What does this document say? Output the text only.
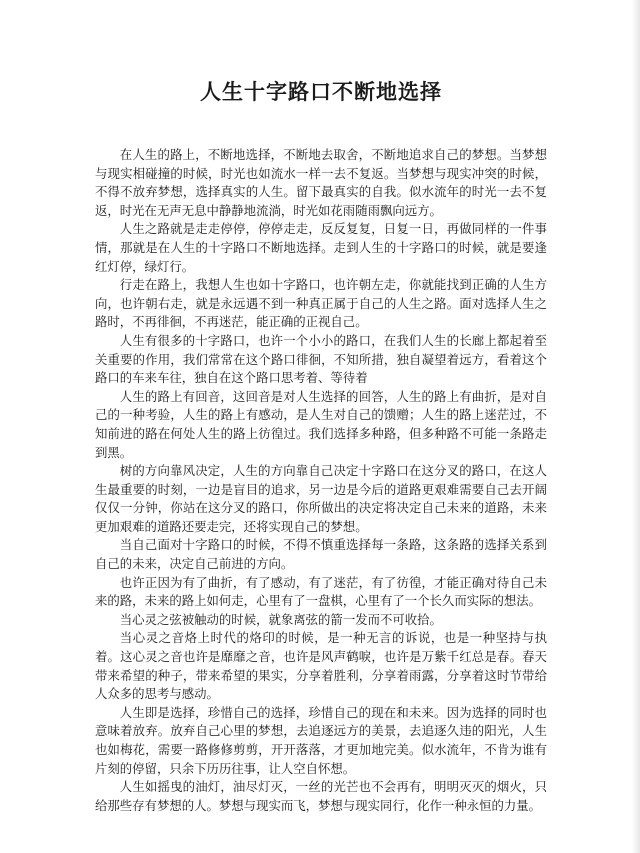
人生十字路口不断地选择

在人生的路上，不断地选择，不断地去取舍，不断地追求自己的梦想。当梦想与现实相碰撞的时候，时光也如流水一样一去不复返。当梦想与现实冲突的时候，不得不放弃梦想，选择真实的人生。留下最真实的自我。似水流年的时光一去不复返，时光在无声无息中静静地流淌，时光如花雨随雨飘向远方。

人生之路就是走走停停，停停走走，反反复复，日复一日，再做同样的一件事情，那就是在人生的十字路口不断地选择。走到人生的十字路口的时候，就是要逢红灯停，绿灯行。

行走在路上，我想人生也如十字路口，也许朝左走，你就能找到正确的人生方向，也许朝右走，就是永远遇不到一种真正属于自己的人生之路。面对选择人生之路时，不再徘徊，不再迷茫，能正确的正视自己。

人生有很多的十字路口，也许一个小小的路口，在我们人生的长廊上都起着至关重要的作用，我们常常在这个路口徘徊，不知所措，独自凝望着远方，看着这个路口的车来车往，独自在这个路口思考着、等待着

人生的路上有回音，这回音是对人生选择的回答，人生的路上有曲折，是对自己的一种考验，人生的路上有感动，是人生对自己的馈赠；人生的路上迷茫过，不知前进的路在何处人生的路上彷徨过。我们选择多种路，但多种路不可能一条路走到黑。

树的方向靠风决定，人生的方向靠自己决定十字路口在这分叉的路口，在这人生最重要的时刻，一边是盲目的追求，另一边是今后的道路更艰难需要自己去开阔仅仅一分钟，你站在这分叉的路口，你所做出的决定将决定自己未来的道路，未来更加艰难的道路还要走完，还将实现自己的梦想。

当自己面对十字路口的时候，不得不慎重选择每一条路，这条路的选择关系到自己的未来，决定自己前进的方向。

也许正因为有了曲折，有了感动，有了迷茫，有了彷徨，才能正确对待自己未来的路，未来的路上如何走，心里有了一盘棋，心里有了一个长久而实际的想法。

当心灵之弦被触动的时候，就象离弦的箭一发而不可收拾。

当心灵之音烙上时代的烙印的时候，是一种无言的诉说，也是一种坚持与执着。这心灵之音也许是靡靡之音，也许是风声鹤唳，也许是万紫千红总是春。春天带来希望的种子，带来希望的果实，分享着胜利，分享着雨露，分享着这时节带给人众多的思考与感动。

人生即是选择，珍惜自己的选择，珍惜自己的现在和未来。因为选择的同时也意味着放弃。放弃自己心里的梦想，去追逐远方的美景，去追逐久违的阳光，人生也如梅花，需要一路修修剪剪，开开落落，才更加地完美。似水流年，不肯为谁有片刻的停留，只余下历历往事，让人空自怀想。

人生如摇曳的油灯，油尽灯灭，一丝的光芒也不会再有，明明灭灭的烟火，只给那些存有梦想的人。梦想与现实而飞，梦想与现实同行，化作一种永恒的力量。
